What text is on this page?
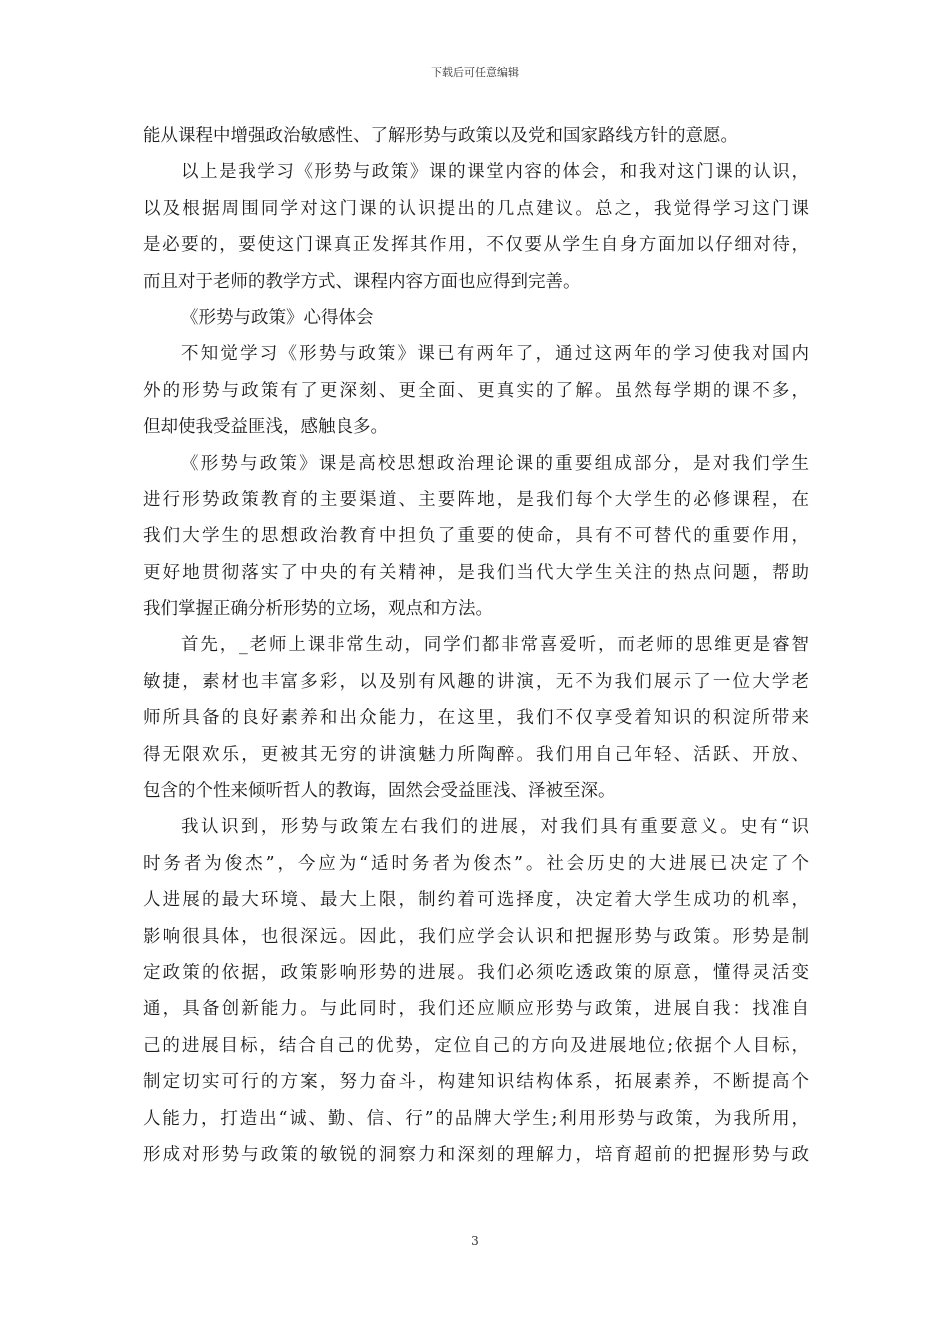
下载后可任意编辑
能从课程中增强政治敏感性、了解形势与政策以及党和国家路线方针的意愿。
以上是我学习《形势与政策》课的课堂内容的体会，和我对这门课的认识，
以及根据周围同学对这门课的认识提出的几点建议。总之，我觉得学习这门课
是必要的，要使这门课真正发挥其作用，不仅要从学生自身方面加以仔细对待，
而且对于老师的教学方式、课程内容方面也应得到完善。
《形势与政策》心得体会
不知觉学习《形势与政策》课已有两年了，通过这两年的学习使我对国内
外的形势与政策有了更深刻、更全面、更真实的了解。虽然每学期的课不多，
但却使我受益匪浅，感触良多。
《形势与政策》课是高校思想政治理论课的重要组成部分，是对我们学生
进行形势政策教育的主要渠道、主要阵地，是我们每个大学生的必修课程，在
我们大学生的思想政治教育中担负了重要的使命，具有不可替代的重要作用，
更好地贯彻落实了中央的有关精神，是我们当代大学生关注的热点问题，帮助
我们掌握正确分析形势的立场，观点和方法。
首先，_老师上课非常生动，同学们都非常喜爱听，而老师的思维更是睿智
敏捷，素材也丰富多彩，以及别有风趣的讲演，无不为我们展示了一位大学老
师所具备的良好素养和出众能力，在这里，我们不仅享受着知识的积淀所带来
得无限欢乐，更被其无穷的讲演魅力所陶醉。我们用自己年轻、活跃、开放、
包含的个性来倾听哲人的教诲，固然会受益匪浅、泽被至深。
我认识到，形势与政策左右我们的进展，对我们具有重要意义。史有“识
时务者为俊杰”，今应为“适时务者为俊杰”。社会历史的大进展已决定了个
人进展的最大环境、最大上限，制约着可选择度，决定着大学生成功的机率，
影响很具体，也很深远。因此，我们应学会认识和把握形势与政策。形势是制
定政策的依据，政策影响形势的进展。我们必须吃透政策的原意，懂得灵活变
通，具备创新能力。与此同时，我们还应顺应形势与政策，进展自我：找准自
己的进展目标，结合自己的优势，定位自己的方向及进展地位;依据个人目标，
制定切实可行的方案，努力奋斗，构建知识结构体系，拓展素养，不断提高个
人能力，打造出“诚、勤、信、行”的品牌大学生;利用形势与政策，为我所用，
形成对形势与政策的敏锐的洞察力和深刻的理解力，培育超前的把握形势与政
3
